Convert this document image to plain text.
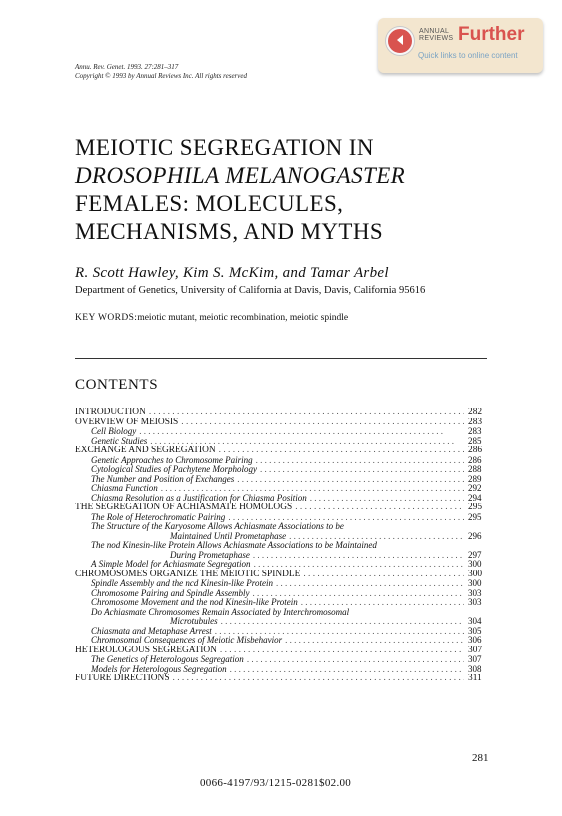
ANNUAL
REVIEWS Further
Quick links to online content
Annu. Rev. Genet. 1993. 27:281–317
Copyright © 1993 by Annual Reviews Inc. All rights reserved
MEIOTIC SEGREGATION IN
DROSOPHILA MELANOGASTER
FEMALES: MOLECULES,
MECHANISMS, AND MYTHS
R. Scott Hawley, Kim S. McKim, and Tamar Arbel
Department of Genetics, University of California at Davis, Davis, California 95616
KEY WORDS:meiotic mutant, meiotic recombination, meiotic spindle
CONTENTS
INTRODUCTION . . .	282
OVERVIEW OF MEIOSIS . . .	283
Cell Biology . . .	283
Genetic Studies . . .	285
EXCHANGE AND SEGREGATION . . .	286
Genetic Approaches to Chromosome Pairing . . .	286
Cytological Studies of Pachytene Morphology . . .	288
The Number and Position of Exchanges . . .	289
Chiasma Function . . .	292
Chiasma Resolution as a Justification for Chiasma Position . . .	294
THE SEGREGATION OF ACHIASMATE HOMOLOGS . . .	295
The Role of Heterochromatic Pairing . . .	295
The Structure of the Karyosome Allows Achiasmate Associations to be
Maintained Until Prometaphase . . .	296
The nod Kinesin-like Protein Allows Achiasmate Associations to be Maintained
During Prometaphase . . .	297
A Simple Model for Achiasmate Segregation . . .	300
CHROMOSOMES ORGANIZE THE MEIOTIC SPINDLE . . .	300
Spindle Assembly and the ncd Kinesin-like Protein . . .	300
Chromosome Pairing and Spindle Assembly . . .	303
Chromosome Movement and the nod Kinesin-like Protein . . .	303
Do Achiasmate Chromosomes Remain Associated by Interchromosomal
Microtubules . . .	304
Chiasmata and Metaphase Arrest . . .	305
Chromosomal Consequences of Meiotic Misbehavior . . .	306
HETEROLOGOUS SEGREGATION . . .	307
The Genetics of Heterologous Segregation . . .	307
Models for Heterologous Segregation . . .	308
FUTURE DIRECTIONS . . .	311
281
0066-4197/93/1215-0281$02.00
